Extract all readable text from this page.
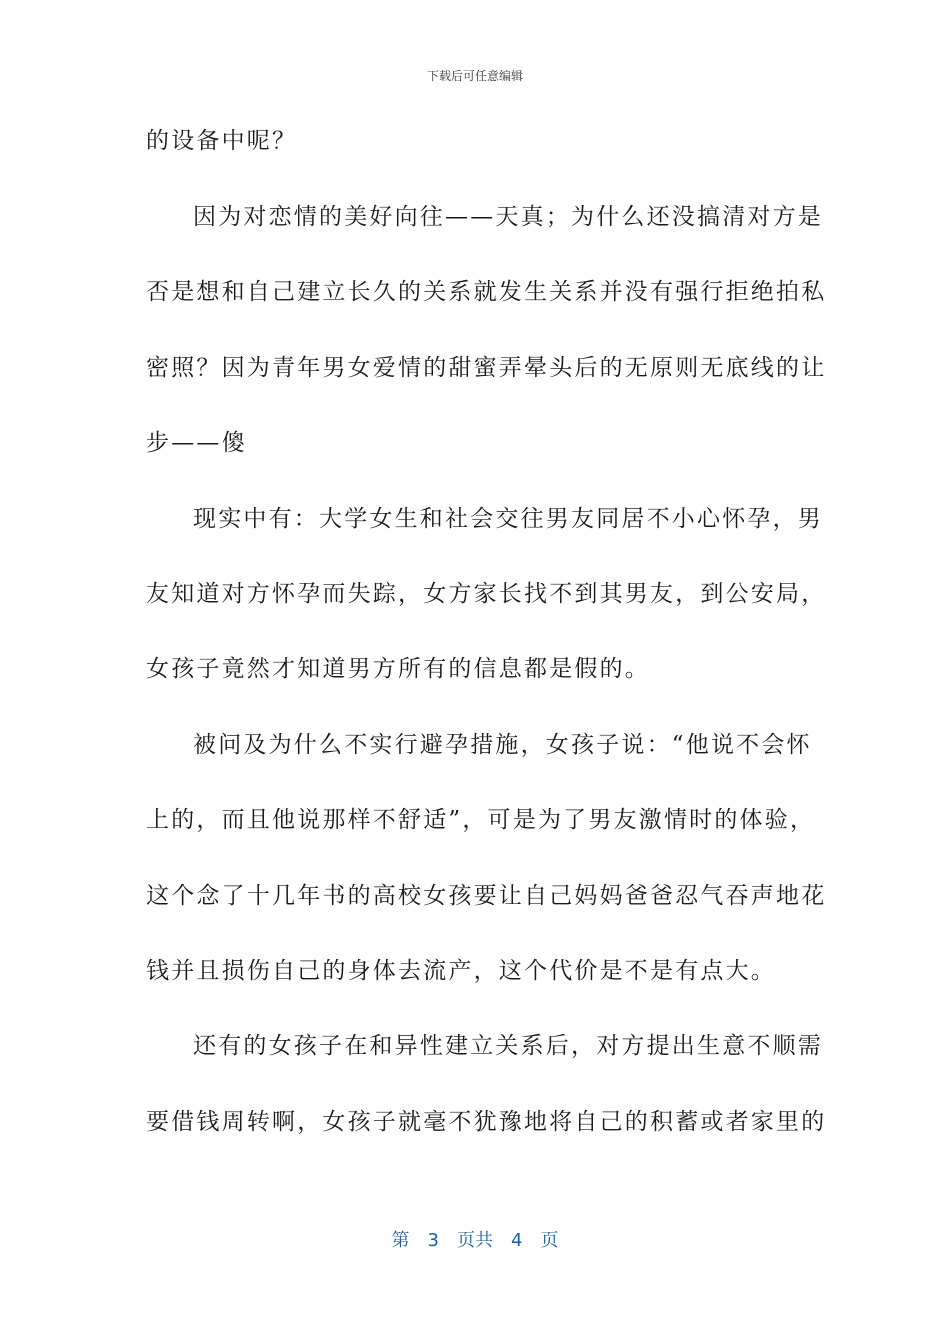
下载后可任意编辑
的设备中呢？
因为对恋情的美好向往——天真；为什么还没搞清对方是
否是想和自己建立长久的关系就发生关系并没有强行拒绝拍私
密照？因为青年男女爱情的甜蜜弄晕头后的无原则无底线的让
步——傻
现实中有：大学女生和社会交往男友同居不小心怀孕，男
友知道对方怀孕而失踪，女方家长找不到其男友，到公安局，
女孩子竟然才知道男方所有的信息都是假的。
被问及为什么不实行避孕措施，女孩子说：“他说不会怀
上的，而且他说那样不舒适”，可是为了男友激情时的体验，
这个念了十几年书的高校女孩要让自己妈妈爸爸忍气吞声地花
钱并且损伤自己的身体去流产，这个代价是不是有点大。
还有的女孩子在和异性建立关系后，对方提出生意不顺需
要借钱周转啊，女孩子就毫不犹豫地将自己的积蓄或者家里的
第 3 页共 4 页
